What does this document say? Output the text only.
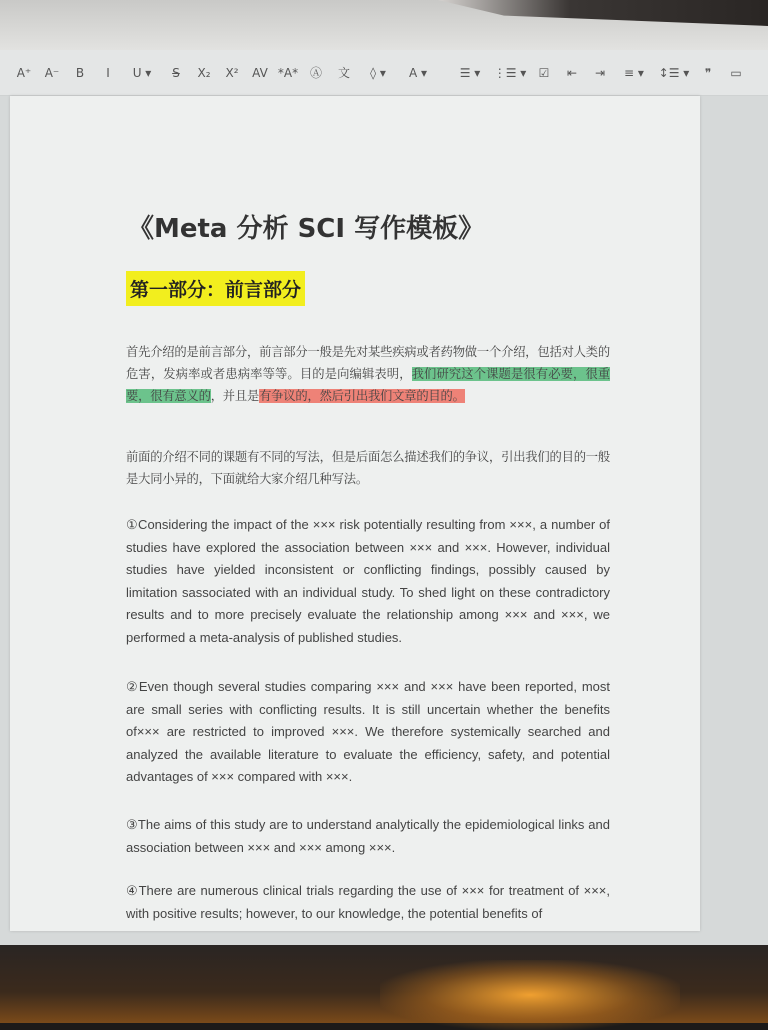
A⁺	A⁻	B	I	U ▾	S̶	X₂	X²	AV *A* Ⓐ	文	◊ ▾	A ▾	☰ ▾	⋮☰ ▾	☑	⇤	⇥	≡ ▾	↕☰ ▾	❞	▭
《Meta 分析 SCI 写作模板》
第一部分：前言部分
首先介绍的是前言部分，前言部分一般是先对某些疾病或者药物做一个介绍，包括对人类的危害，发病率或者患病率等等。目的是向编辑表明，我们研究这个课题是很有必要，很重要，很有意义的，并且是有争议的，然后引出我们文章的目的。
前面的介绍不同的课题有不同的写法，但是后面怎么描述我们的争议，引出我们的目的一般是大同小异的，下面就给大家介绍几种写法。
①Considering the impact of the ××× risk potentially resulting from ×××, a number of studies have explored the association between ××× and ×××. However, individual studies have yielded inconsistent or conflicting findings, possibly caused by limitation sassociated with an individual study. To shed light on these contradictory results and to more precisely evaluate the relationship among ××× and ×××, we performed a meta-analysis of published studies.
②Even though several studies comparing ××× and ××× have been reported, most are small series with conflicting results. It is still uncertain whether the benefits of××× are restricted to improved ×××. We therefore systemically searched and analyzed the available literature to evaluate the efficiency, safety, and potential advantages of ××× compared with ×××.
③The aims of this study are to understand analytically the epidemiological links and association between ××× and ××× among ×××.
④There are numerous clinical trials regarding the use of ××× for treatment of ×××, with positive results; however, to our knowledge, the potential benefits of
